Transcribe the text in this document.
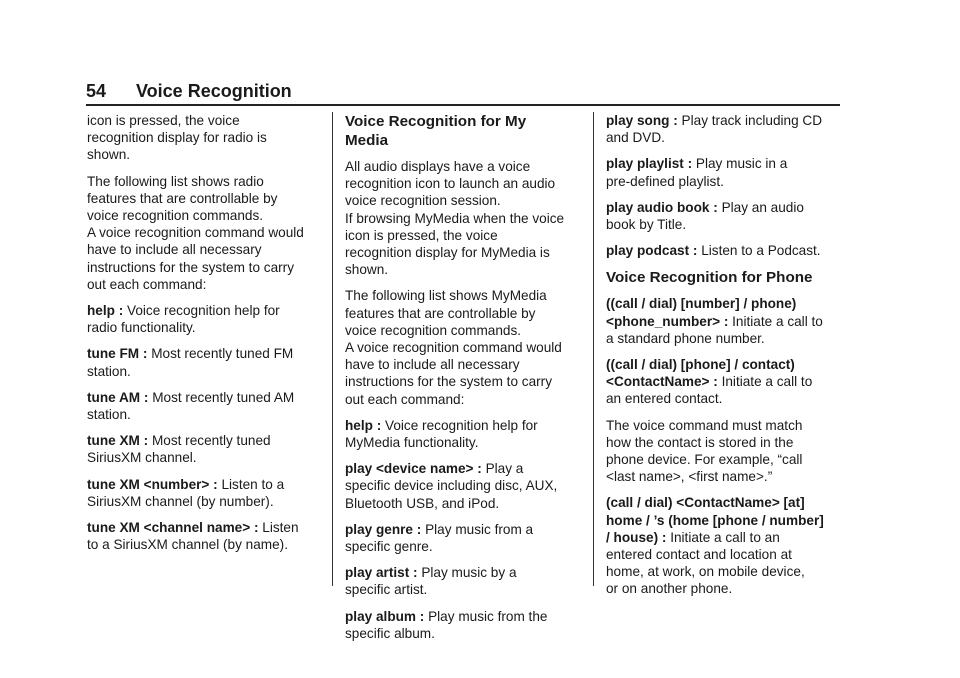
54 Voice Recognition

icon is pressed, the voice
recognition display for radio is
shown.

The following list shows radio
features that are controllable by
voice recognition commands.

A voice recognition command would
have to include all necessary
instructions for the system to carry
out each command:

help : Voice recognition help for
radio functionality.

tune FM : Most recently tuned FM
station.

tune AM : Most recently tuned AM
station.

tune XM : Most recently tuned
SiriusXM channel.

tune XM <number> : Listen to a
SiriusXM channel (by number).

tune XM <channel name> : Listen
to a SiriusXM channel (by name).

Voice Recognition for My
Media

All audio displays have a voice
recognition icon to launch an audio
voice recognition session.

If browsing MyMedia when the voice
icon is pressed, the voice
recognition display for MyMedia is
shown.

The following list shows MyMedia
features that are controllable by
voice recognition commands.

A voice recognition command would
have to include all necessary
instructions for the system to carry
out each command:

help : Voice recognition help for
MyMedia functionality.

play <device name> : Play a
specific device including disc, AUX,
Bluetooth USB, and iPod.

play genre : Play music from a
specific genre.

play artist : Play music by a
specific artist.

play album : Play music from the
specific album.

play song : Play track including CD
and DVD.

play playlist : Play music in a
pre-defined playlist.

play audio book : Play an audio
book by Title.

play podcast : Listen to a Podcast.

Voice Recognition for Phone

((call / dial) [number] / phone)
<phone_number> : Initiate a call to
a standard phone number.

((call / dial) [phone] / contact)
<ContactName> : Initiate a call to
an entered contact.

The voice command must match
how the contact is stored in the
phone device. For example, “call
<last name>, <first name>.”

(call / dial) <ContactName> [at]
home / ’s (home [phone / number]
/ house) : Initiate a call to an
entered contact and location at
home, at work, on mobile device,
or on another phone.
